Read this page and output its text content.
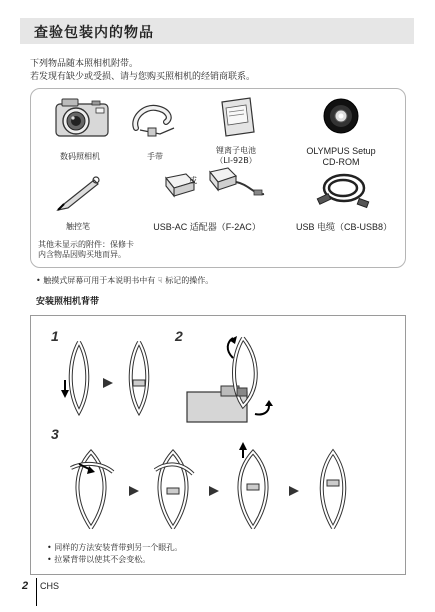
查验包装内的物品
下列物品随本照相机附带。
若发现有缺少或受损、请与您购买照相机的经销商联系。
数码照相机	手带
锂离子电池
（LI-92B）
OLYMPUS Setup
CD-ROM
触控笔
或
USB-AC 适配器（F-2AC）	USB 电缆（CB-USB8）
其他未显示的附件：保修卡
内含物品因购买地而异。
• 触摸式屏幕可用于本说明书中有 ☟ 标记的操作。
安装照相机背带
1	2
3
• 同样的方法安装背带到另一个眼孔。
• 拉紧背带以使其不会变松。
2 CHS
